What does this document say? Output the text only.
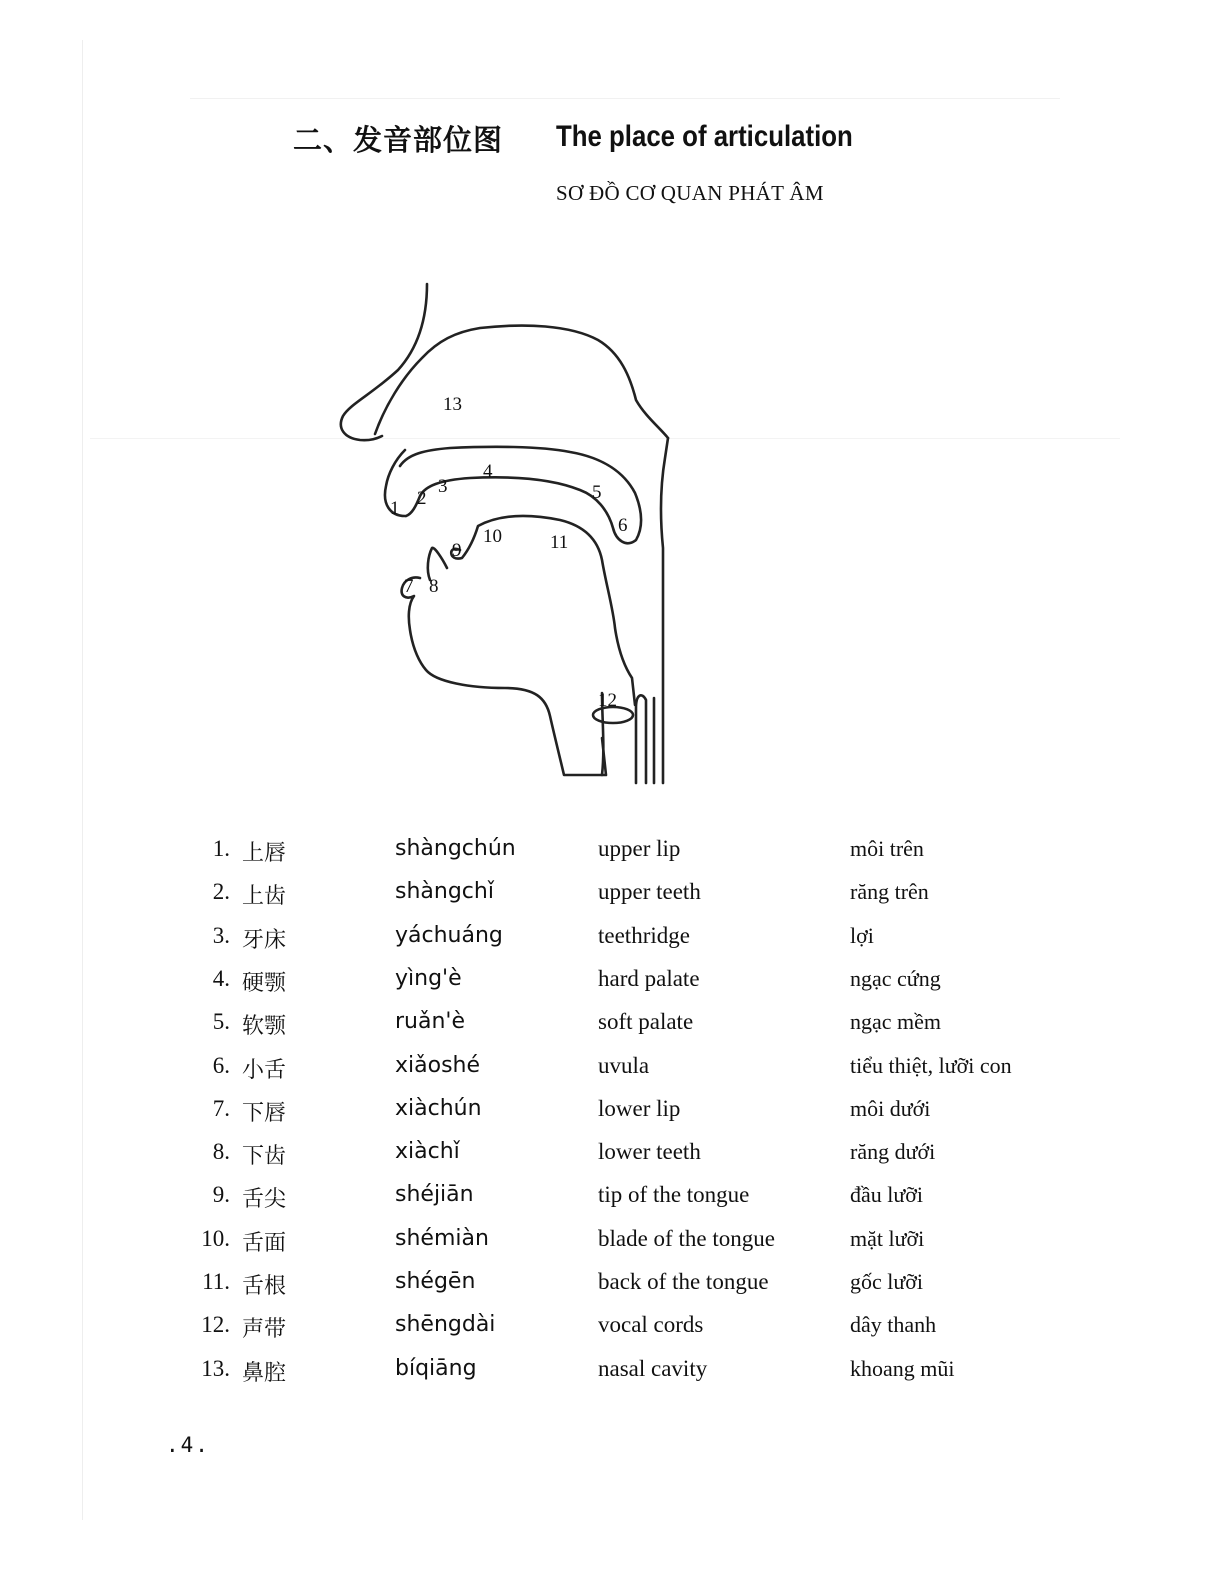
二、发音部位图 The place of articulation
SƠ ĐỒ CƠ QUAN PHÁT ÂM
1 2
3
4
5
6
7 8
9
10	11
12
13
1. 上唇	shàngchún	upper lip	môi trên
2. 上齿	shàngchǐ	upper teeth	răng trên
3. 牙床	yáchuáng	teethridge	lợi
4. 硬颚	yìng'è	hard palate	ngạc cứng
5. 软颚	ruǎn'è	soft palate	ngạc mềm
6. 小舌	xiǎoshé	uvula	tiểu thiệt, lưỡi con
7. 下唇	xiàchún	lower lip	môi dưới
8. 下齿	xiàchǐ	lower teeth	răng dưới
9. 舌尖	shéjiān	tip of the tongue	đầu lưỡi
10. 舌面	shémiàn	blade of the tongue	mặt lưỡi
11. 舌根	shégēn	back of the tongue	gốc lưỡi
12. 声带	shēngdài	vocal cords	dây thanh
13. 鼻腔	bíqiāng	nasal cavity	khoang mũi
.4.
